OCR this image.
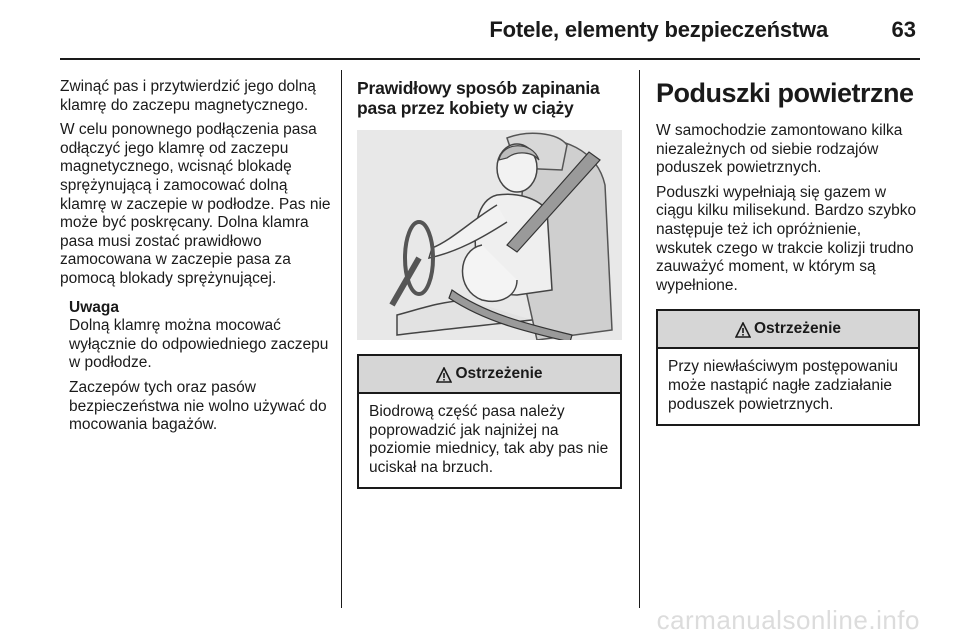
Fotele, elementy bezpieczeństwa	63

Zwinąć pas i przytwierdzić jego dolną klamrę do zaczepu magnetycznego.

W celu ponownego podłączenia pasa odłączyć jego klamrę od zaczepu magnetycznego, wcisnąć blokadę sprężynującą i zamocować dolną klamrę w zaczepie w podłodze. Pas nie może być poskręcany. Dolna klamra pasa musi zostać prawidłowo zamocowana w zaczepie pasa za pomocą blokady sprężynującej.

Uwaga

Dolną klamrę można mocować wyłącznie do odpowiedniego zaczepu w podłodze.

Zaczepów tych oraz pasów bezpieczeństwa nie wolno używać do mocowania bagażów.

Prawidłowy sposób zapinania pasa przez kobiety w ciąży
Ostrzeżenie
Biodrową część pasa należy poprowadzić jak najniżej na poziomie miednicy, tak aby pas nie uciskał na brzuch.
Poduszki powietrzne

W samochodzie zamontowano kilka niezależnych od siebie rodzajów poduszek powietrznych.

Poduszki wypełniają się gazem w ciągu kilku milisekund. Bardzo szybko następuje też ich opróżnienie, wskutek czego w trakcie kolizji trudno zauważyć moment, w którym są wypełnione.

Ostrzeżenie
Przy niewłaściwym postępowaniu może nastąpić nagłe zadziałanie poduszek powietrznych.
carmanualsonline.info
